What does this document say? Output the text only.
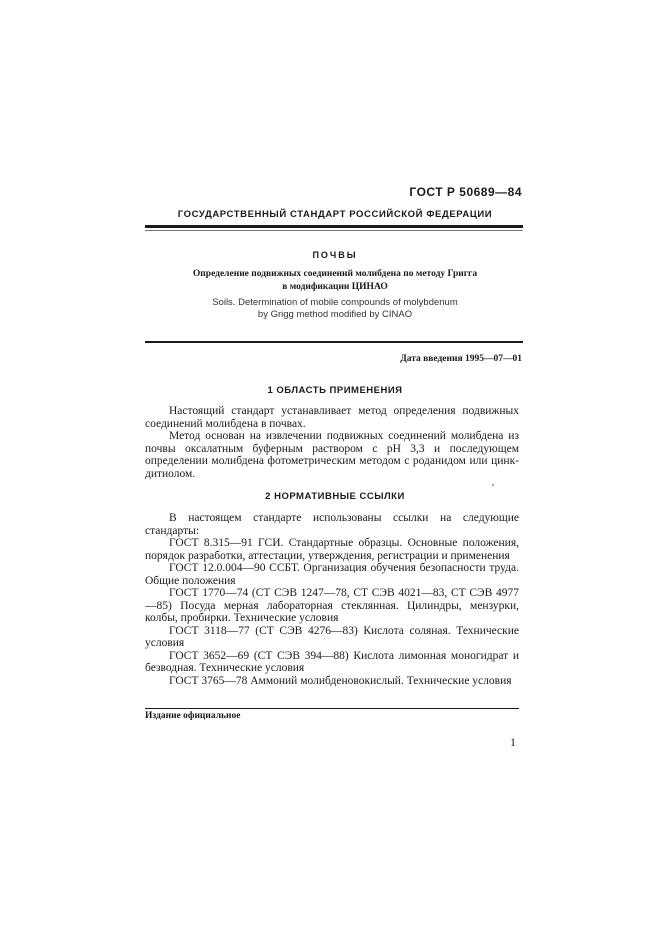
ГОСТ Р 50689—84
ГОСУДАРСТВЕННЫЙ СТАНДАРТ РОССИЙСКОЙ ФЕДЕРАЦИИ
ПОЧВЫ
Определение подвижных соединений молибдена по методу Григга
в модификации ЦИНАО
Soils. Determination of mobile compounds of molybdenum
by Grigg method modified by CINAO
Дата введения 1995—07—01
1 ОБЛАСТЬ ПРИМЕНЕНИЯ

Настоящий стандарт устанавливает метод определения подвижных соединений молибдена в почвах.

Метод основан на извлечении подвижных соединений молибдена из почвы оксалатным буферным раствором с pH 3,3 и последующем определении молибдена фотометрическим методом с роданидом или цинк-дитиолом.

2 НОРМАТИВНЫЕ ССЫЛКИ

В настоящем стандарте использованы ссылки на следующие стандарты:

ГОСТ 8.315—91 ГСИ. Стандартные образцы. Основные положения, порядок разработки, аттестации, утверждения, регистрации и применения

ГОСТ 12.0.004—90 ССБТ. Организация обучения безопасности труда. Общие положения

ГОСТ 1770—74 (СТ СЭВ 1247—78, СТ СЭВ 4021—83, СТ СЭВ 4977—85) Посуда мерная лабораторная стеклянная. Цилиндры, мензурки, колбы, пробирки. Технические условия

ГОСТ 3118—77 (СТ СЭВ 4276—83) Кислота соляная. Технические условия

ГОСТ 3652—69 (СТ СЭВ 394—88) Кислота лимонная моногидрат и безводная. Технические условия

ГОСТ 3765—78 Аммоний молибденовокислый. Технические условия

Издание официальное
1
